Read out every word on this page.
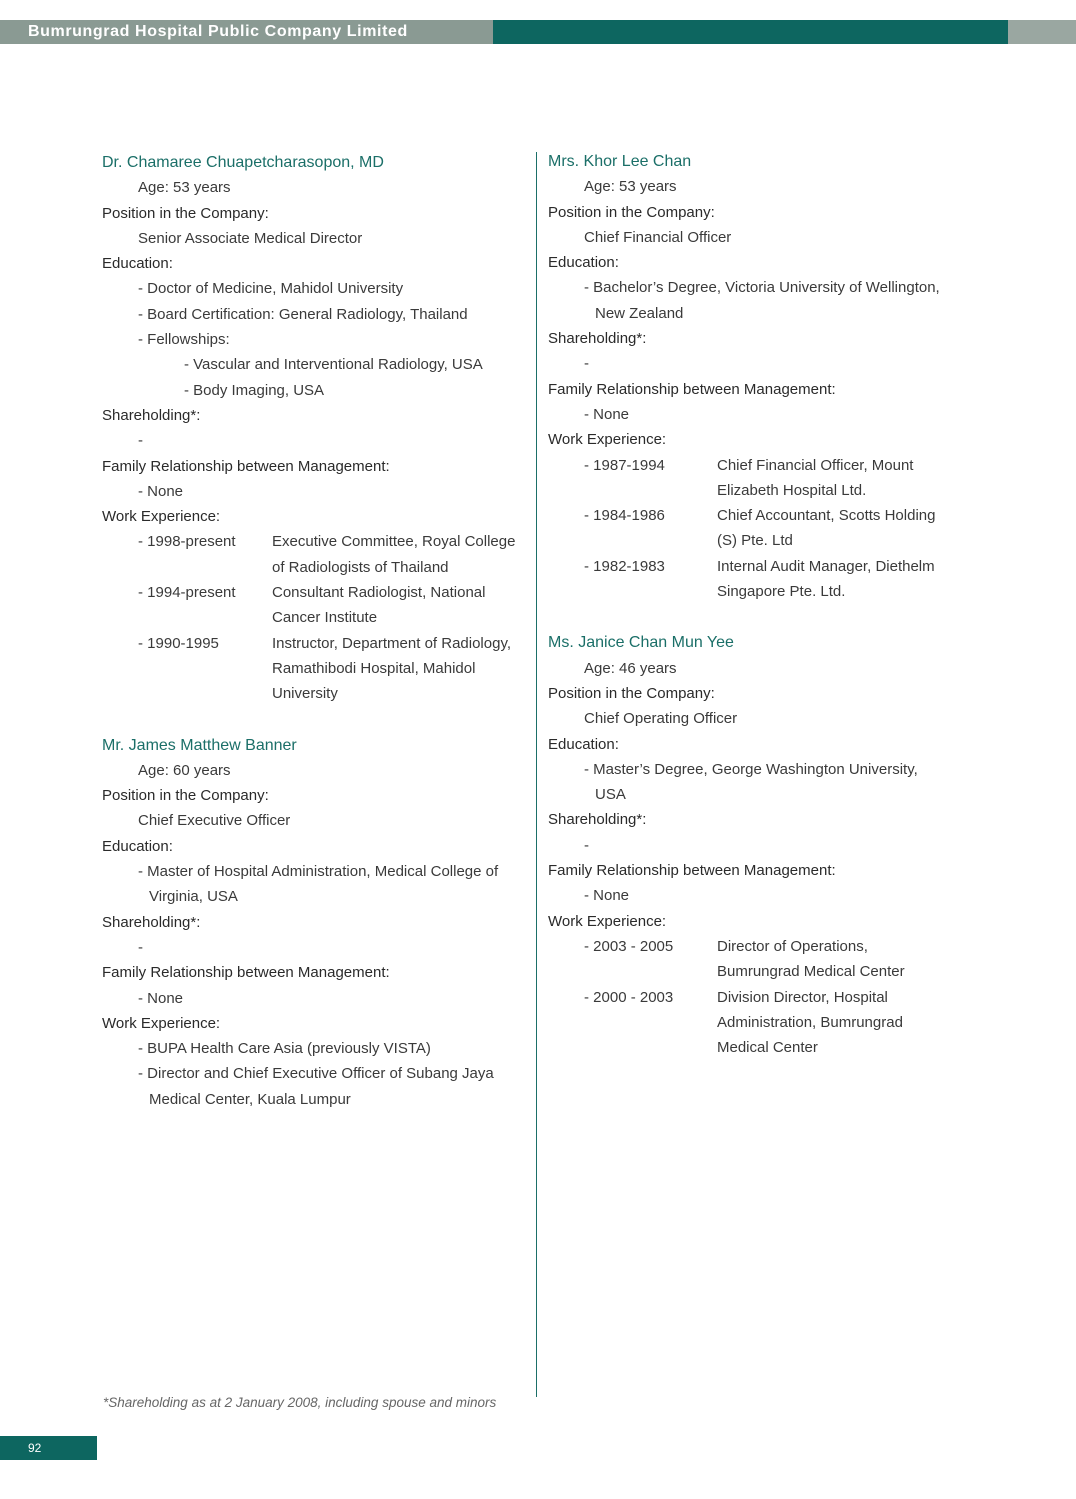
Bumrungrad Hospital Public Company Limited
Dr. Chamaree Chuapetcharasopon, MD
Age: 53 years
Position in the Company:
Senior Associate Medical Director
Education:
- Doctor of Medicine, Mahidol University
- Board Certification: General Radiology, Thailand
- Fellowships:
- Vascular and Interventional Radiology, USA
- Body Imaging, USA
Shareholding*:
-
Family Relationship between Management:
- None
Work Experience:
- 1998-present	Executive Committee, Royal College of Radiologists of Thailand
- 1994-present	Consultant Radiologist, National Cancer Institute
- 1990-1995	Instructor, Department of Radiology, Ramathibodi Hospital, Mahidol University
Mr. James Matthew Banner
Age: 60 years
Position in the Company:
Chief Executive Officer
Education:
- Master of Hospital Administration, Medical College of Virginia, USA
Shareholding*:
-
Family Relationship between Management:
- None
Work Experience:
- BUPA Health Care Asia (previously VISTA)
- Director and Chief Executive Officer of Subang Jaya Medical Center, Kuala Lumpur
Mrs. Khor Lee Chan
Age: 53 years
Position in the Company:
Chief Financial Officer
Education:
- Bachelor’s Degree, Victoria University of Wellington, New Zealand
Shareholding*:
-
Family Relationship between Management:
- None
Work Experience:
- 1987-1994	Chief Financial Officer, Mount Elizabeth Hospital Ltd.
- 1984-1986	Chief Accountant, Scotts Holding (S) Pte. Ltd
- 1982-1983	Internal Audit Manager, Diethelm Singapore Pte. Ltd.
Ms. Janice Chan Mun Yee
Age: 46 years
Position in the Company:
Chief Operating Officer
Education:
- Master’s Degree, George Washington University, USA
Shareholding*:
-
Family Relationship between Management:
- None
Work Experience:
- 2003 - 2005	Director of Operations, Bumrungrad Medical Center
- 2000 - 2003	Division Director, Hospital Administration, Bumrungrad Medical Center
*Shareholding as at 2 January 2008, including spouse and minors
92
